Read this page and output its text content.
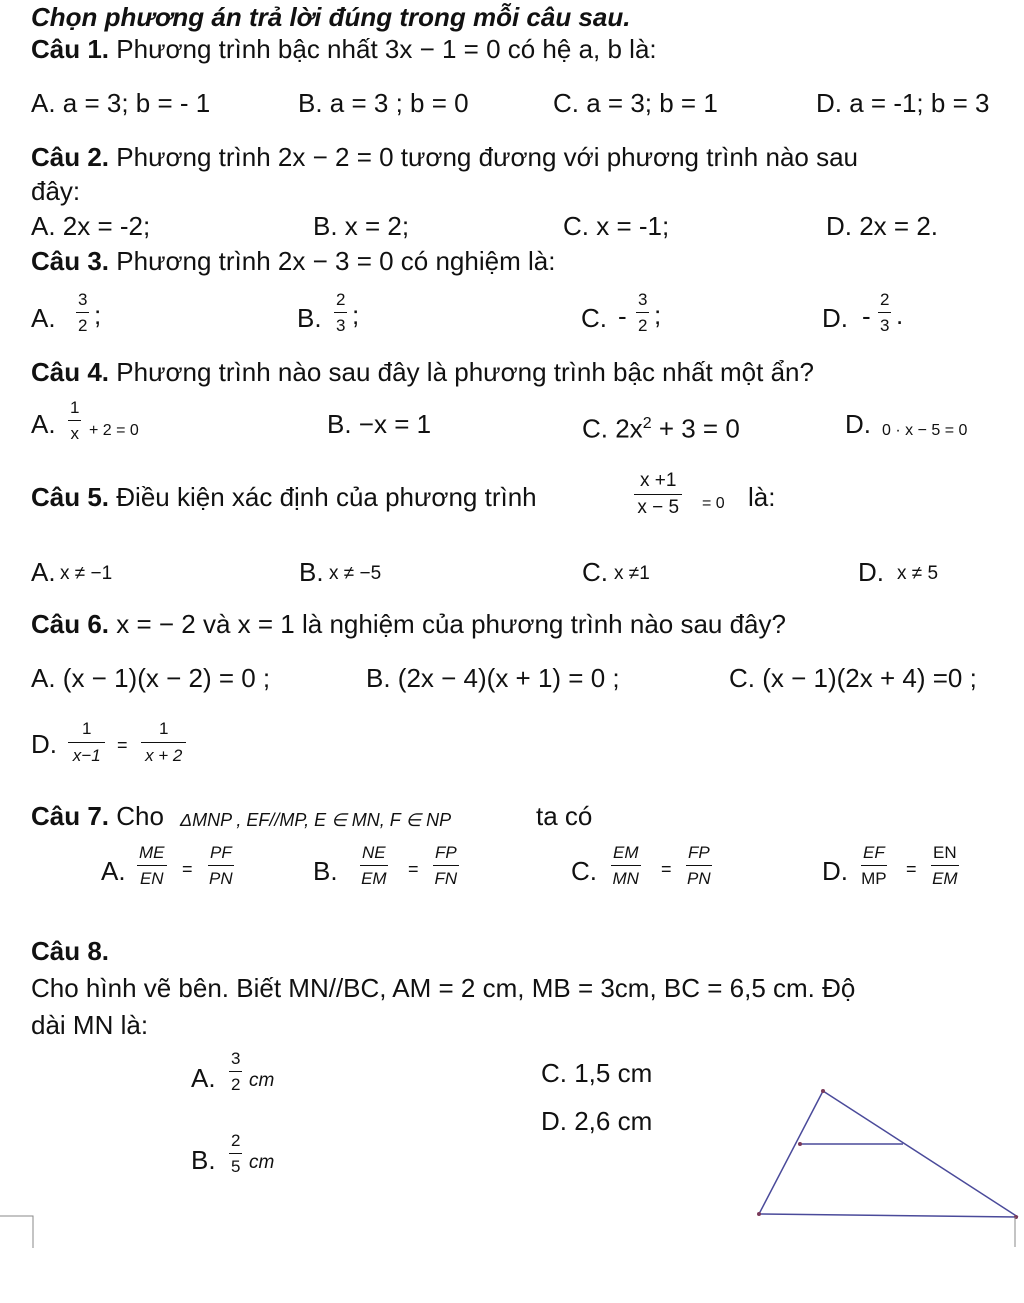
Chọn phương án trả lời đúng trong mỗi câu sau.
Câu 1. Phương trình bậc nhất 3x − 1 = 0 có hệ a, b là:
A. a = 3; b = - 1	B. a = 3 ; b = 0	C. a = 3; b = 1	D. a = -1; b = 3
Câu 2. Phương trình 2x − 2 = 0 tương đương với phương trình nào sau
đây:
A. 2x = -2;	B. x = 2;	C. x = -1;	D. 2x = 2.
Câu 3. Phương trình 2x − 3 = 0 có nghiệm là:
A. $\frac{3}{2}$ ;	B. $\frac{2}{3}$ ;	C. - $\frac{3}{2}$ ;	D. - $\frac{2}{3}$ .
Câu 4. Phương trình nào sau đây là phương trình bậc nhất một ẩn?
A. $\frac{1}{x} + 2 = 0$	B. −x = 1	C. $2x^2 + 3 = 0$	D. 0 · x − 5 = 0
Câu 5. Điều kiện xác định của phương trình	$\frac{x +1}{x - 5} = 0$ là:
A. x ≠ −1	B. x ≠ −5	C. x ≠1	D. x ≠ 5
Câu 6. x = − 2 và x = 1 là nghiệm của phương trình nào sau đây?
A. (x − 1)(x − 2) = 0 ;	B. (2x − 4)(x + 1) = 0 ;	C. (x − 1)(2x + 4) =0 ;
D. $\frac{1}{x-1} = \frac{1}{x + 2}$
Câu 7. Cho ΔMNP , EF//MP, E ∈ MN, F ∈ NP	ta có
A. $\frac{ME}{EN} = \frac{PF}{PN}$	B. $\frac{NE}{EM} = \frac{FP}{FN}$	C. $\frac{EM}{MN} = \frac{FP}{PN}$	D. $\frac{EF}{MP} = \frac{EN}{EM}$
Câu 8.
Cho hình vẽ bên. Biết MN//BC, AM = 2 cm, MB = 3cm, BC = 6,5 cm. Độ
dài MN là:
A. $\frac{3}{2}$ cm	C. 1,5 cm
D. 2,6 cm
B. $\frac{2}{5}$ cm
